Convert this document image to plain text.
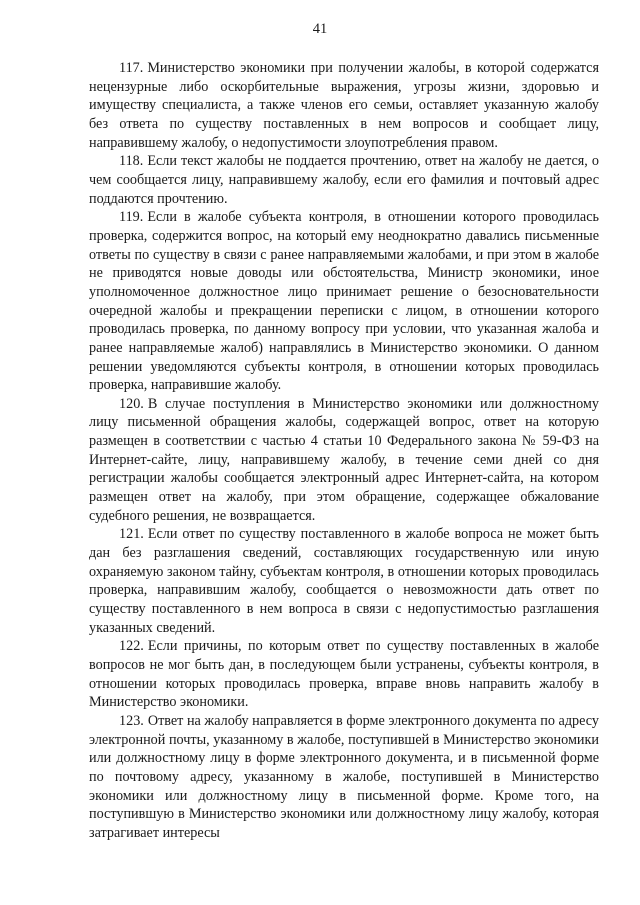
41

117. Министерство экономики при получении жалобы, в которой содержатся нецензурные либо оскорбительные выражения, угрозы жизни, здоровью и имуществу специалиста, а также членов его семьи, оставляет указанную жалобу без ответа по существу поставленных в нем вопросов и сообщает лицу, направившему жалобу, о недопустимости злоупотребления правом.

118. Если текст жалобы не поддается прочтению, ответ на жалобу не дается, о чем сообщается лицу, направившему жалобу, если его фамилия и почтовый адрес поддаются прочтению.

119. Если в жалобе субъекта контроля, в отношении которого проводилась проверка, содержится вопрос, на который ему неоднократно давались письменные ответы по существу в связи с ранее направляемыми жалобами, и при этом в жалобе не приводятся новые доводы или обстоятельства, Министр экономики, иное уполномоченное должностное лицо принимает решение о безосновательности очередной жалобы и прекращении переписки с лицом, в отношении которого проводилась проверка, по данному вопросу при условии, что указанная жалоба и ранее направляемые жалоб) направлялись в Министерство экономики. О данном решении уведомляются субъекты контроля, в отношении которых проводилась проверка, направившие жалобу.

120. В случае поступления в Министерство экономики или должностному лицу письменной обращения жалобы, содержащей вопрос, ответ на которую размещен в соответствии с частью 4 статьи 10 Федерального закона № 59-ФЗ на Интернет-сайте, лицу, направившему жалобу, в течение семи дней со дня регистрации жалобы сообщается электронный адрес Интернет-сайта, на котором размещен ответ на жалобу, при этом обращение, содержащее обжалование судебного решения, не возвращается.

121. Если ответ по существу поставленного в жалобе вопроса не может быть дан без разглашения сведений, составляющих государственную или иную охраняемую законом тайну, субъектам контроля, в отношении которых проводилась проверка, направившим жалобу, сообщается о невозможности дать ответ по существу поставленного в нем вопроса в связи с недопустимостью разглашения указанных сведений.

122. Если причины, по которым ответ по существу поставленных в жалобе вопросов не мог быть дан, в последующем были устранены, субъекты контроля, в отношении которых проводилась проверка, вправе вновь направить жалобу в Министерство экономики.

123. Ответ на жалобу направляется в форме электронного документа по адресу электронной почты, указанному в жалобе, поступившей в Министерство экономики или должностному лицу в форме электронного документа, и в письменной форме по почтовому адресу, указанному в жалобе, поступившей в Министерство экономики или должностному лицу в письменной форме. Кроме того, на поступившую в Министерство экономики или должностному лицу жалобу, которая затрагивает интересы
